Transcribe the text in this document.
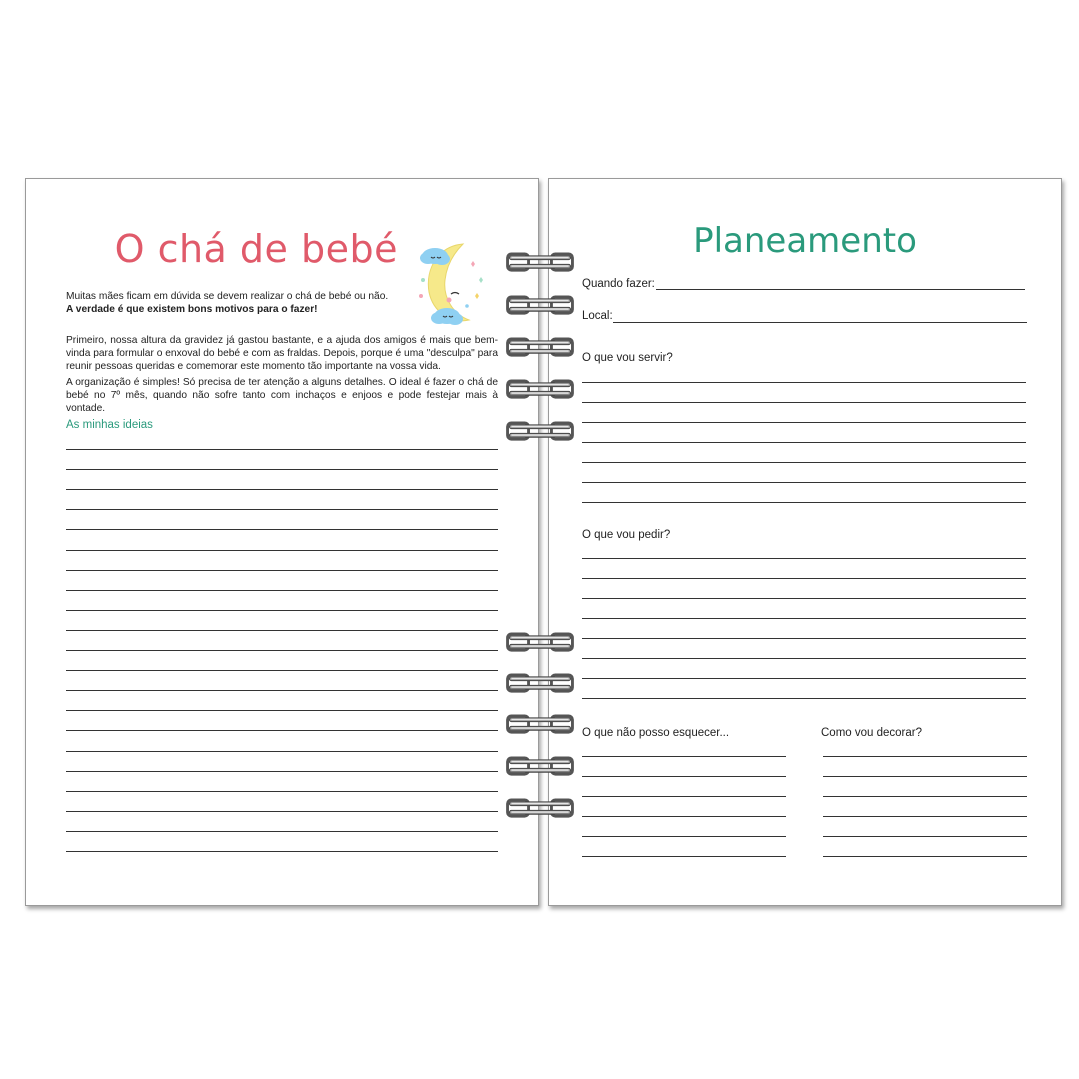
O chá de bebé
Muitas mães ficam em dúvida se devem realizar o chá de bebé ou não.
A verdade é que existem bons motivos para o fazer!
Primeiro, nossa altura da gravidez já gastou bastante, e a ajuda dos amigos é mais que bem-vinda para formular o enxoval do bebé e com as fraldas. Depois, porque é uma "desculpa" para reunir pessoas queridas e comemorar este momento tão importante na vossa vida.
A organização é simples! Só precisa de ter atenção a alguns detalhes. O ideal é fazer o chá de bebé no 7º mês, quando não sofre tanto com inchaços e enjoos e pode festejar mais à vontade.
As minhas ideias
Planeamento
Quando fazer:
Local:
O que vou servir?
O que vou pedir?
O que não posso esquecer...	Como vou decorar?
